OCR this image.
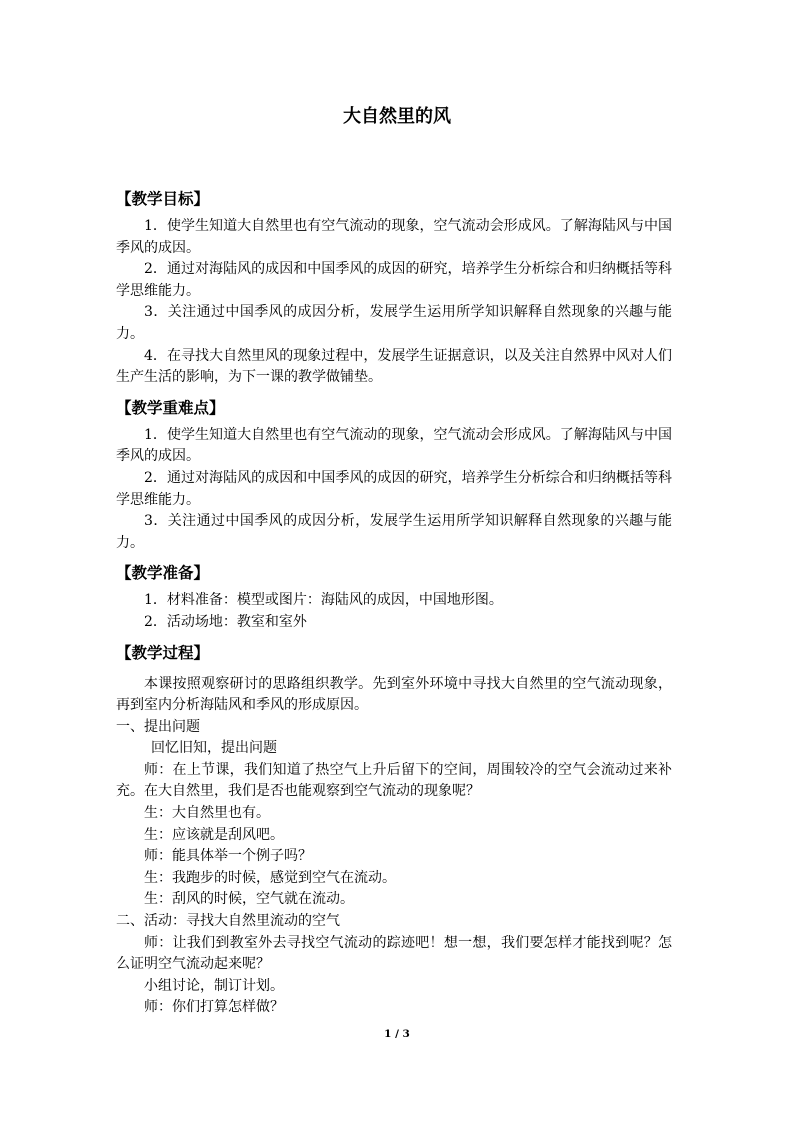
大自然里的风

【教学目标】

1．使学生知道大自然里也有空气流动的现象，空气流动会形成风。了解海陆风与中国季风的成因。

2．通过对海陆风的成因和中国季风的成因的研究，培养学生分析综合和归纳概括等科学思维能力。

3．关注通过中国季风的成因分析，发展学生运用所学知识解释自然现象的兴趣与能力。

4．在寻找大自然里风的现象过程中，发展学生证据意识，以及关注自然界中风对人们生产生活的影响，为下一课的教学做铺垫。

【教学重难点】

1．使学生知道大自然里也有空气流动的现象，空气流动会形成风。了解海陆风与中国季风的成因。

2．通过对海陆风的成因和中国季风的成因的研究，培养学生分析综合和归纳概括等科学思维能力。

3．关注通过中国季风的成因分析，发展学生运用所学知识解释自然现象的兴趣与能力。

【教学准备】

1．材料准备：模型或图片：海陆风的成因，中国地形图。

2．活动场地：教室和室外

【教学过程】

本课按照观察研讨的思路组织教学。先到室外环境中寻找大自然里的空气流动现象，再到室内分析海陆风和季风的形成原因。

一、提出问题

回忆旧知，提出问题

师：在上节课，我们知道了热空气上升后留下的空间，周围较冷的空气会流动过来补充。在大自然里，我们是否也能观察到空气流动的现象呢？

生：大自然里也有。

生：应该就是刮风吧。

师：能具体举一个例子吗？

生：我跑步的时候，感觉到空气在流动。

生：刮风的时候，空气就在流动。

二、活动：寻找大自然里流动的空气

师：让我们到教室外去寻找空气流动的踪迹吧！想一想，我们要怎样才能找到呢？怎么证明空气流动起来呢？

小组讨论，制订计划。

师：你们打算怎样做？

1 / 3
